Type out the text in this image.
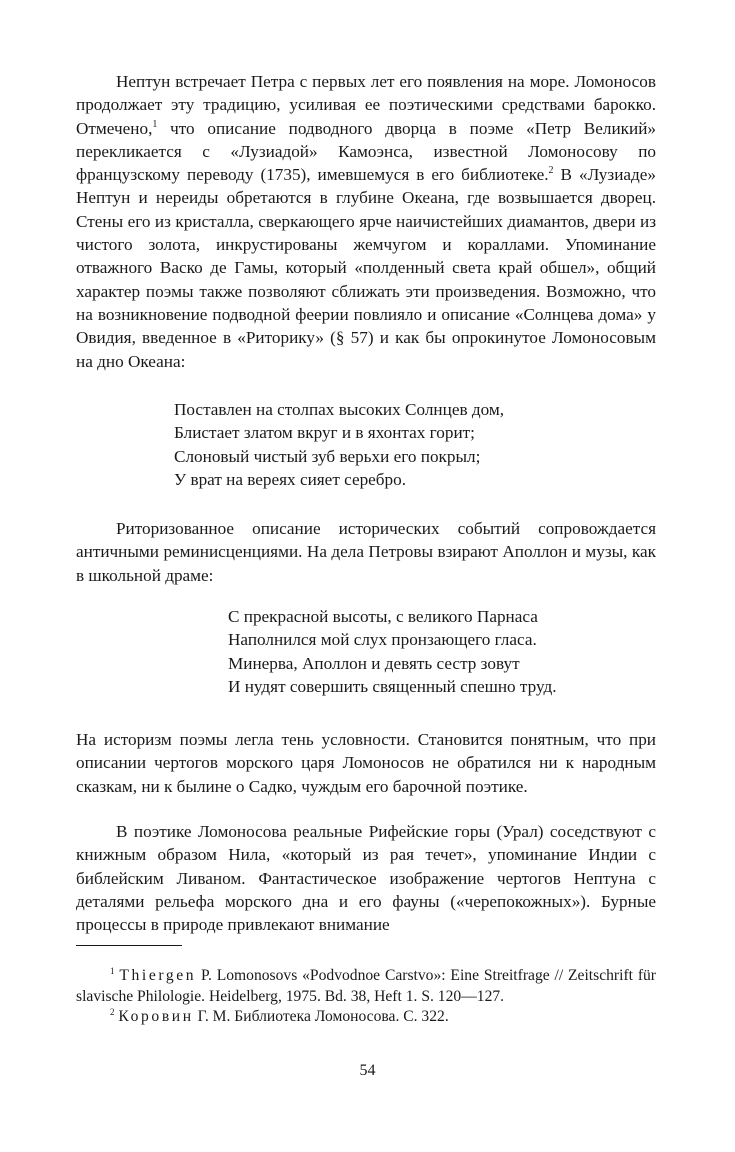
Нептун встречает Петра с первых лет его появления на море. Ломоносов продолжает эту традицию, усиливая ее поэтическими средствами барокко. Отмечено,$^1$ что описание подводного дворца в поэме «Петр Великий» перекликается с «Лузиадой» Камоэнса, известной Ломоносову по французскому переводу (1735), имевшемуся в его библиотеке.$^2$ В «Лузиаде» Нептун и нереиды обретаются в глубине Океана, где возвышается дворец. Стены его из кристалла, сверкающего ярче наичистейших диамантов, двери из чистого золота, инкрустированы жемчугом и кораллами. Упоминание отважного Васко де Гамы, который «полденный света край обшел», общий характер поэмы также позволяют сближать эти произведения. Возможно, что на возникновение подводной феерии повлияло и описание «Солнцева дома» у Овидия, введенное в «Риторику» (§ 57) и как бы опрокинутое Ломоносовым на дно Океана:

Поставлен на столпах высоких Солнцев дом,
Блистает златом вкруг и в яхонтах горит;
Слоновый чистый зуб верьхи его покрыл;
У врат на вереях сияет серебро.

Риторизованное описание исторических событий сопровождается античными реминисценциями. На дела Петровы взирают Аполлон и музы, как в школьной драме:

С прекрасной высоты, с великого Парнаса
Наполнился мой слух пронзающего гласа.
Минерва, Аполлон и девять сестр зовут
И нудят совершить священный спешно труд.

На историзм поэмы легла тень условности. Становится понятным, что при описании чертогов морского царя Ломоносов не обратился ни к народным сказкам, ни к былине о Садко, чуждым его барочной поэтике.

В поэтике Ломоносова реальные Рифейские горы (Урал) соседствуют с книжным образом Нила, «который из рая течет», упоминание Индии с библейским Ливаном. Фантастическое изображение чертогов Нептуна с деталями рельефа морского дна и его фауны («черепокожных»). Бурные процессы в природе привлекают внимание

$^1$ Thiergen P. Lomonosovs «Podvodnoe Carstvo»: Eine Streitfrage // Zeitschrift für slavische Philologie. Heidelberg, 1975. Bd. 38, Heft 1. S. 120—127.

$^2$ Коровин Г. М. Библиотека Ломоносова. С. 322.

54
